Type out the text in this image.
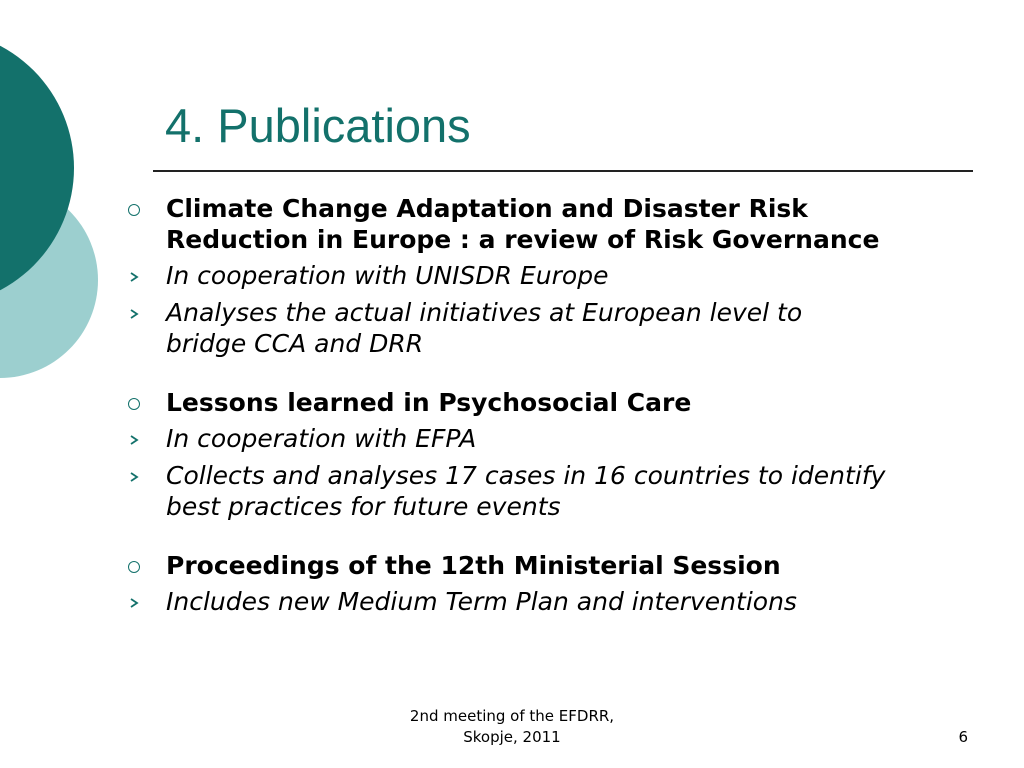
4. Publications
Climate Change Adaptation and Disaster Risk
Reduction in Europe : a review of Risk Governance
In cooperation with UNISDR Europe
Analyses the actual initiatives at European level to
bridge CCA and DRR
Lessons learned in Psychosocial Care
In cooperation with EFPA
Collects and analyses 17 cases in 16 countries to identify
best practices for future events
Proceedings of the 12th Ministerial Session
Includes new Medium Term Plan and interventions
2nd meeting of the EFDRR,
Skopje, 2011	6
